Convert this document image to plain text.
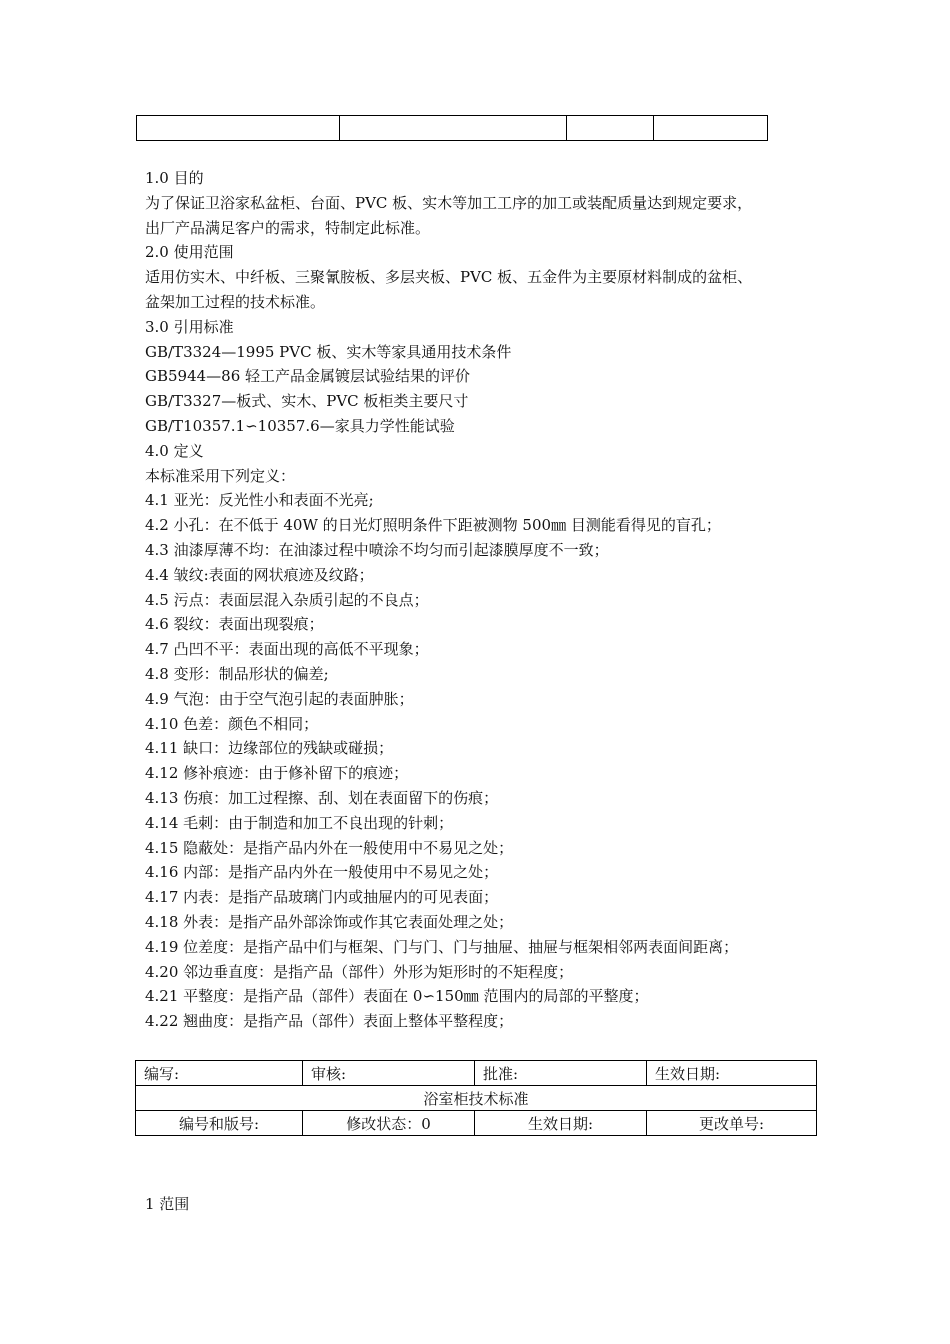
1.0 目的
为了保证卫浴家私盆柜、台面、PVC 板、实木等加工工序的加工或装配质量达到规定要求，
出厂产品满足客户的需求，特制定此标准。
2.0 使用范围
适用仿实木、中纤板、三聚氰胺板、多层夹板、PVC 板、五金件为主要原材料制成的盆柜、
盆架加工过程的技术标准。
3.0 引用标准
GB/T3324—1995 PVC 板、实木等家具通用技术条件
GB5944—86 轻工产品金属镀层试验结果的评价
GB/T3327—板式、实木、PVC 板柜类主要尺寸
GB/T10357.1∽10357.6—家具力学性能试验
4.0 定义
本标准采用下列定义：
4.1 亚光：反光性小和表面不光亮;
4.2 小孔：在不低于 40W 的日光灯照明条件下距被测物 500㎜ 目测能看得见的盲孔；
4.3 油漆厚薄不均：在油漆过程中喷涂不均匀而引起漆膜厚度不一致；
4.4 皱纹:表面的网状痕迹及纹路；
4.5 污点：表面层混入杂质引起的不良点；
4.6 裂纹：表面出现裂痕；
4.7 凸凹不平：表面出现的高低不平现象；
4.8 变形：制品形状的偏差;
4.9 气泡：由于空气泡引起的表面肿胀；
4.10 色差：颜色不相同；
4.11 缺口：边缘部位的残缺或碰损；
4.12 修补痕迹：由于修补留下的痕迹；
4.13 伤痕：加工过程擦、刮、划在表面留下的伤痕；
4.14 毛刺：由于制造和加工不良出现的针刺；
4.15 隐蔽处：是指产品内外在一般使用中不易见之处；
4.16 内部：是指产品内外在一般使用中不易见之处；
4.17 内表：是指产品玻璃门内或抽屉内的可见表面；
4.18 外表：是指产品外部涂饰或作其它表面处理之处；
4.19 位差度：是指产品中们与框架、门与门、门与抽屉、抽屉与框架相邻两表面间距离；
4.20 邻边垂直度：是指产品（部件）外形为矩形时的不矩程度；
4.21 平整度：是指产品（部件）表面在 0∽150㎜ 范围内的局部的平整度；
4.22 翘曲度：是指产品（部件）表面上整体平整程度；
编写:	审核:	批准:	生效日期:
浴室柜技术标准			
编号和版号:	修改状态：0	生效日期:	更改单号:
1 范围
